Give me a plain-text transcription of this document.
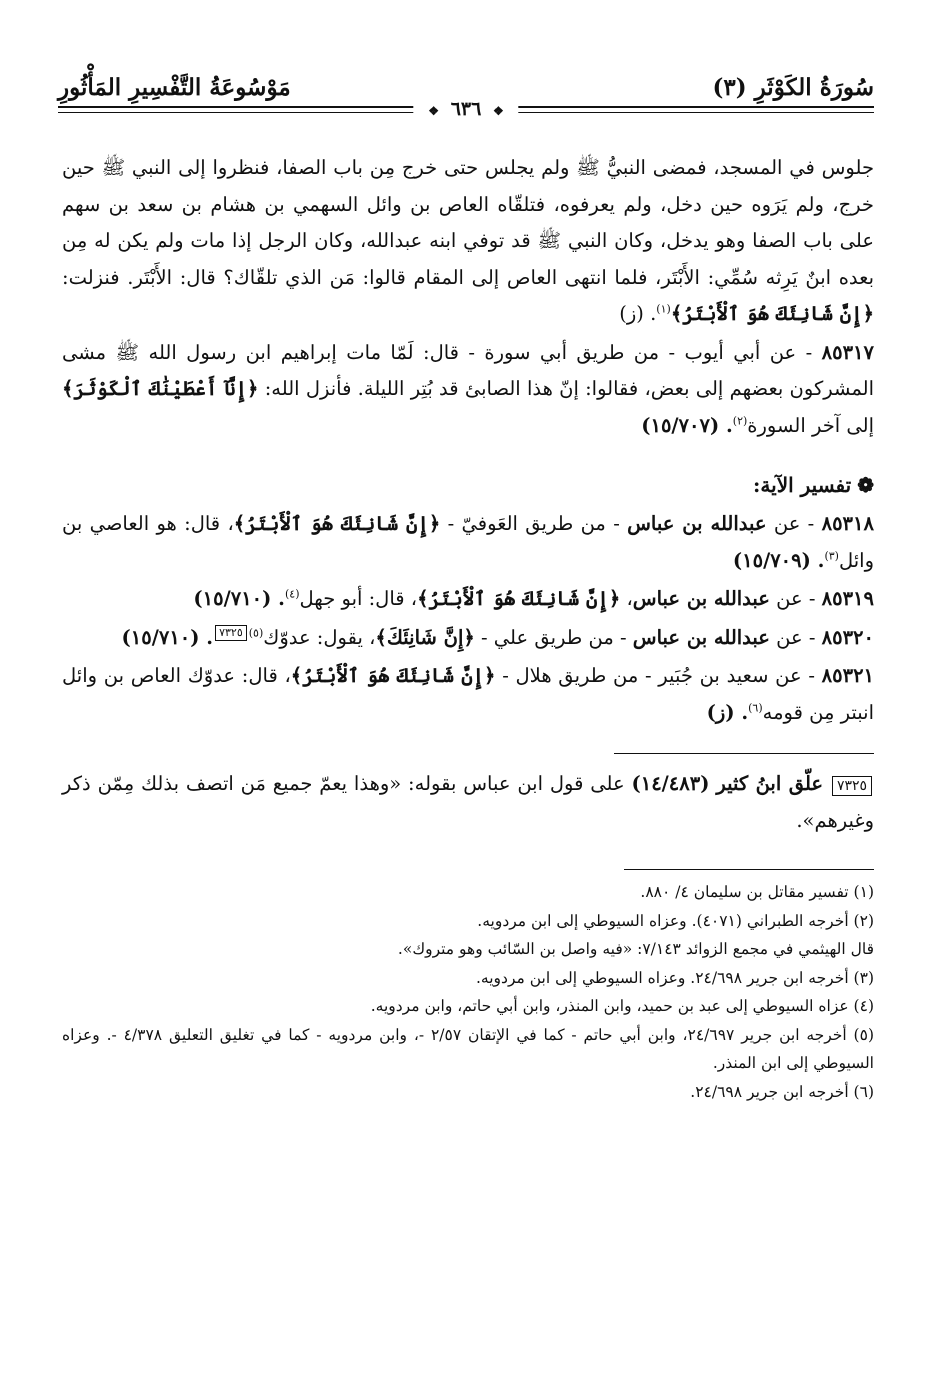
سُورَةُ الكَوْثَرِ (٣)
مَوْسُوعَةُ التَّفْسِيرِ المَأْثُورِ
❖ ٦٣٦ ❖

جلوس في المسجد، فمضى النبيُّ ﷺ ولم يجلس حتى خرج مِن باب الصفا، فنظروا إلى النبي ﷺ حين خرج، ولم يَرَوه حين دخل، ولم يعرفوه، فتلقّاه العاص بن وائل السهمي بن هشام بن سعد بن سهم على باب الصفا وهو يدخل، وكان النبي ﷺ قد توفي ابنه عبدالله، وكان الرجل إذا مات ولم يكن له مِن بعده ابنٌ يَرِثه سُمِّي: الأَبْتَر، فلما انتهى العاص إلى المقام قالوا: مَن الذي تلقّاك؟ قال: الأَبْتَر. فنزلت: ﴿إِنَّ شَانِئَكَ هُوَ ٱلْأَبْتَرُ﴾$^{(١)}$. (ز)

٨٥٣١٧ - عن أبي أيوب - من طريق أبي سورة - قال: لَمّا مات إبراهيم ابن رسول الله ﷺ مشى المشركون بعضهم إلى بعض، فقالوا: إنّ هذا الصابئ قد بُتِر الليلة. فأنزل الله: ﴿إِنَّآ أَعْطَيْنَٰكَ ٱلْكَوْثَرَ﴾ إلى آخر السورة$^{(٢)}$. (١٥/٧٠٧)

❁تفسير الآية:

٨٥٣١٨ - عن عبدالله بن عباس - من طريق العَوفيّ - ﴿إِنَّ شَانِئَكَ هُوَ ٱلْأَبْتَرُ﴾، قال: هو العاصي بن وائل$^{(٣)}$. (١٥/٧٠٩)

٨٥٣١٩ - عن عبدالله بن عباس، ﴿إِنَّ شَانِئَكَ هُوَ ٱلْأَبْتَرُ﴾، قال: أبو جهل$^{(٤)}$. (١٥/٧١٠)

٨٥٣٢٠ - عن عبدالله بن عباس - من طريق علي - ﴿إِنَّ شَانِئَكَ﴾، يقول: عدوّك$^{(٥)}$٧٣٢٥. (١٥/٧١٠)

٨٥٣٢١ - عن سعيد بن جُبَير - من طريق هلال - ﴿إِنَّ شَانِئَكَ هُوَ ٱلْأَبْتَرُ﴾، قال: عدوّك العاص بن وائل انبتر مِن قومه$^{(٦)}$. (ز)

٧٣٢٥ علّق ابنُ كثير (١٤/٤٨٣) على قول ابن عباس بقوله: «وهذا يعمّ جميع مَن اتصف بذلك مِمّن ذكر وغيرهم».

(١) تفسير مقاتل بن سليمان ٤/ ٨٨٠.

(٢) أخرجه الطبراني (٤٠٧١). وعزاه السيوطي إلى ابن مردويه.

قال الهيثمي في مجمع الزوائد ٧/١٤٣: «فيه واصل بن السّائب وهو متروك».

(٣) أخرجه ابن جرير ٢٤/٦٩٨. وعزاه السيوطي إلى ابن مردويه.

(٤) عزاه السيوطي إلى عبد بن حميد، وابن المنذر، وابن أبي حاتم، وابن مردويه.

(٥) أخرجه ابن جرير ٢٤/٦٩٧، وابن أبي حاتم - كما في الإتقان ٢/٥٧ -، وابن مردويه - كما في تغليق التعليق ٤/٣٧٨ -. وعزاه السيوطي إلى ابن المنذر.

(٦) أخرجه ابن جرير ٢٤/٦٩٨.
